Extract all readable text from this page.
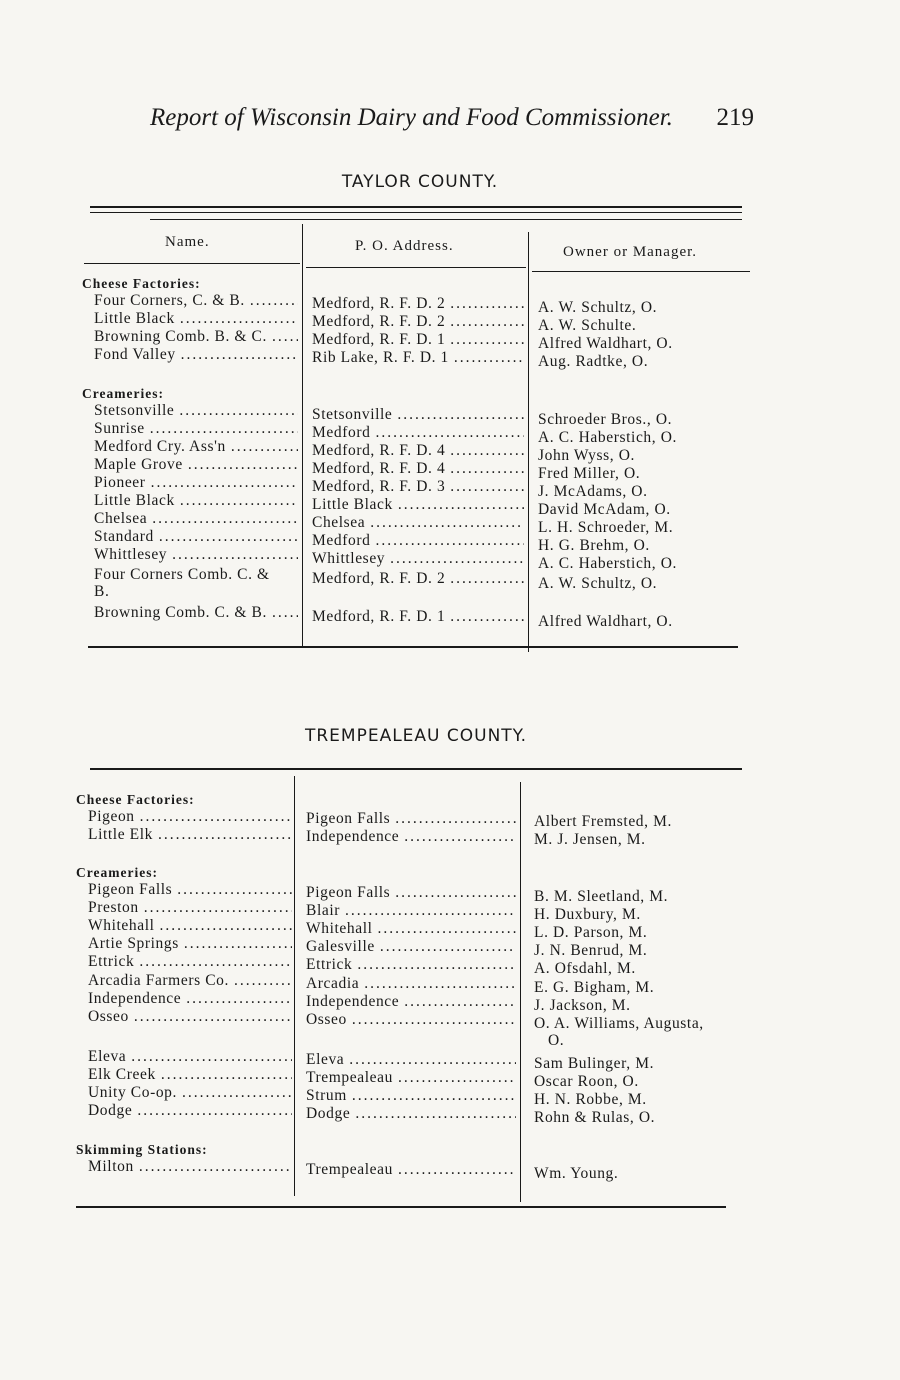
Report of Wisconsin Dairy and Food Commissioner. 219
TAYLOR COUNTY.
Name.	P. O. Address.	Owner or Manager.
Cheese Factories:
Four Corners, C. & B. .....	Medford, R. F. D. 2 .....	A. W. Schultz, O.
Little Black .....	Medford, R. F. D. 2 .....	A. W. Schulte.
Browning Comb. B. & C. .....	Medford, R. F. D. 1 .....	Alfred Waldhart, O.
Fond Valley .....	Rib Lake, R. F. D. 1 .....	Aug. Radtke, O.
Creameries:
Stetsonville .....	Stetsonville .....	Schroeder Bros., O.
Sunrise .....	Medford .....	A. C. Haberstich, O.
Medford Cry. Ass'n .....	Medford, R. F. D. 4 .....	John Wyss, O.
Maple Grove .....	Medford, R. F. D. 4 .....	Fred Miller, O.
Pioneer .....	Medford, R. F. D. 3 .....	J. McAdams, O.
Little Black .....	Little Black .....	David McAdam, O.
Chelsea .....	Chelsea .....	L. H. Schroeder, M.
Standard .....	Medford .....	H. G. Brehm, O.
Whittlesey .....	Whittlesey .....	A. C. Haberstich, O.
Four Corners Comb. C. &
B.
Medford, R. F. D. 2 .....	A. W. Schultz, O.
Browning Comb. C. & B. .....	Medford, R. F. D. 1 .....	Alfred Waldhart, O.
TREMPEALEAU COUNTY.
Cheese Factories:
Pigeon .....	Pigeon Falls .....	Albert Fremsted, M.
Little Elk .....	Independence .....	M. J. Jensen, M.
Creameries:
Pigeon Falls .....	Pigeon Falls .....	B. M. Sleetland, M.
Preston .....	Blair .....	H. Duxbury, M.
Whitehall .....	Whitehall .....	L. D. Parson, M.
Artie Springs .....	Galesville .....	J. N. Benrud, M.
Ettrick .....	Ettrick .....	A. Ofsdahl, M.
Arcadia Farmers Co. .....	Arcadia .....	E. G. Bigham, M.
Independence .....	Independence .....	J. Jackson, M.
Osseo .....	Osseo .....	O. A. Williams, Augusta,
O.
Eleva .....	Eleva .....	Sam Bulinger, M.
Elk Creek .....	Trempealeau .....	Oscar Roon, O.
Unity Co-op. .....	Strum .....	H. N. Robbe, M.
Dodge .....	Dodge .....	Rohn & Rulas, O.
Skimming Stations:
Milton .....	Trempealeau .....	Wm. Young.
